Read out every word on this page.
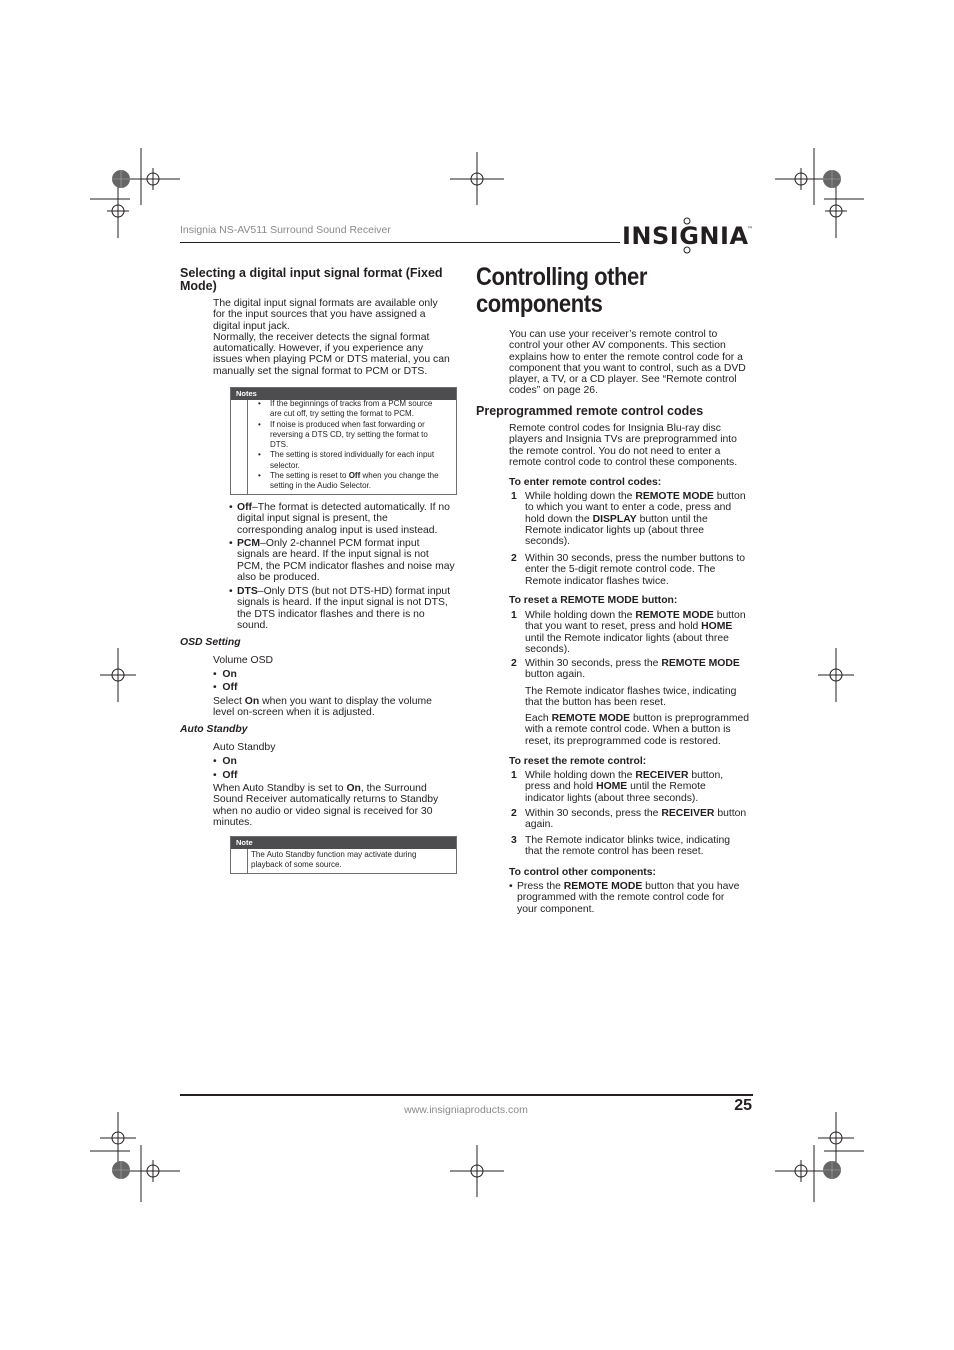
Insignia NS-AV511 Surround Sound Receiver	INSIGNIA
™
Selecting a digital input signal format (Fixed
Mode)
The digital input signal formats are available only
for the input sources that you have assigned a
digital input jack.
Normally, the receiver detects the signal format
automatically. However, if you experience any
issues when playing PCM or DTS material, you can
manually set the signal format to PCM or DTS.
Notes
•

•

•

•
If the beginnings of tracks from a PCM source
are cut off, try setting the format to PCM.
If noise is produced when fast forwarding or
reversing a DTS CD, try setting the format to
DTS.
The setting is stored individually for each input
selector.
The setting is reset to Off when you change the
setting in the Audio Selector.
• Off–The format is detected automatically. If no
digital input signal is present, the
corresponding analog input is used instead.
• PCM–Only 2-channel PCM format input
signals are heard. If the input signal is not
PCM, the PCM indicator flashes and noise may
also be produced.
• DTS–Only DTS (but not DTS-HD) format input
signals is heard. If the input signal is not DTS,
the DTS indicator flashes and there is no
sound.
OSD Setting
Volume OSD
•  On
•  Off
Select On when you want to display the volume
level on-screen when it is adjusted.
Auto Standby
Auto Standby
•  On
•  Off
When Auto Standby is set to On, the Surround
Sound Receiver automatically returns to Standby
when no audio or video signal is received for 30
minutes.
Note
The Auto Standby function may activate during
playback of some source.
Controlling other
components
You can use your receiver’s remote control to
control your other AV components. This section
explains how to enter the remote control code for a
component that you want to control, such as a DVD
player, a TV, or a CD player. See “Remote control
codes” on page 26.
Preprogrammed remote control codes
Remote control codes for Insignia Blu-ray disc
players and Insignia TVs are preprogrammed into
the remote control. You do not need to enter a
remote control code to control these components.
To enter remote control codes:
1 While holding down the REMOTE MODE button
to which you want to enter a code, press and
hold down the DISPLAY button until the
Remote indicator lights up (about three
seconds).
2 Within 30 seconds, press the number buttons to
enter the 5-digit remote control code. The
Remote indicator flashes twice.
To reset a REMOTE MODE button:
1 While holding down the REMOTE MODE button
that you want to reset, press and hold HOME
until the Remote indicator lights (about three
seconds).
2 Within 30 seconds, press the REMOTE MODE
button again.
The Remote indicator flashes twice, indicating
that the button has been reset.
Each REMOTE MODE button is preprogrammed
with a remote control code. When a button is
reset, its preprogrammed code is restored.
To reset the remote control:
1 While holding down the RECEIVER button,
press and hold HOME until the Remote
indicator lights (about three seconds).
2 Within 30 seconds, press the RECEIVER button
again.
3 The Remote indicator blinks twice, indicating
that the remote control has been reset.
To control other components:
• Press the REMOTE MODE button that you have
programmed with the remote control code for
your component.
www.insigniaproducts.com	25
